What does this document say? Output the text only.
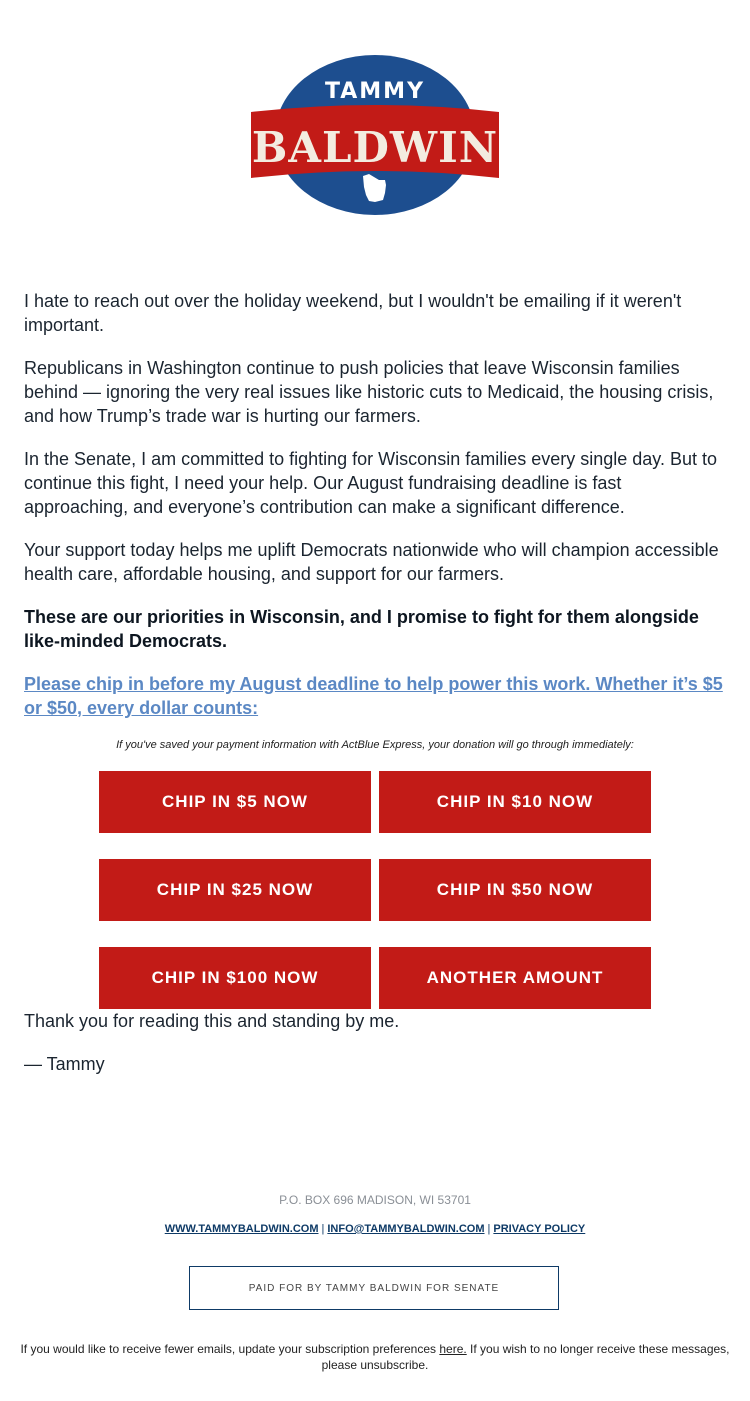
TAMMY
BALDWIN

I hate to reach out over the holiday weekend, but I wouldn't be emailing if it weren't important.

Republicans in Washington continue to push policies that leave Wisconsin families behind — ignoring the very real issues like historic cuts to Medicaid, the housing crisis, and how Trump’s trade war is hurting our farmers.

In the Senate, I am committed to fighting for Wisconsin families every single day. But to continue this fight, I need your help. Our August fundraising deadline is fast approaching, and everyone’s contribution can make a significant difference.

Your support today helps me uplift Democrats nationwide who will champion accessible health care, affordable housing, and support for our farmers.

These are our priorities in Wisconsin, and I promise to fight for them alongside like-minded Democrats.

Please chip in before my August deadline to help power this work. Whether it’s $5 or $50, every dollar counts:
If you've saved your payment information with ActBlue Express, your donation will go through immediately:
CHIP IN $5 NOW	CHIP IN $10 NOW
CHIP IN $25 NOW	CHIP IN $50 NOW
CHIP IN $100 NOW	ANOTHER AMOUNT

Thank you for reading this and standing by me.

— Tammy

P.O. BOX 696 MADISON, WI 53701
WWW.TAMMYBALDWIN.COM | INFO@TAMMYBALDWIN.COM | PRIVACY POLICY
PAID FOR BY TAMMY BALDWIN FOR SENATE
If you would like to receive fewer emails, update your subscription preferences here. If you wish to no longer receive these messages, please unsubscribe.
